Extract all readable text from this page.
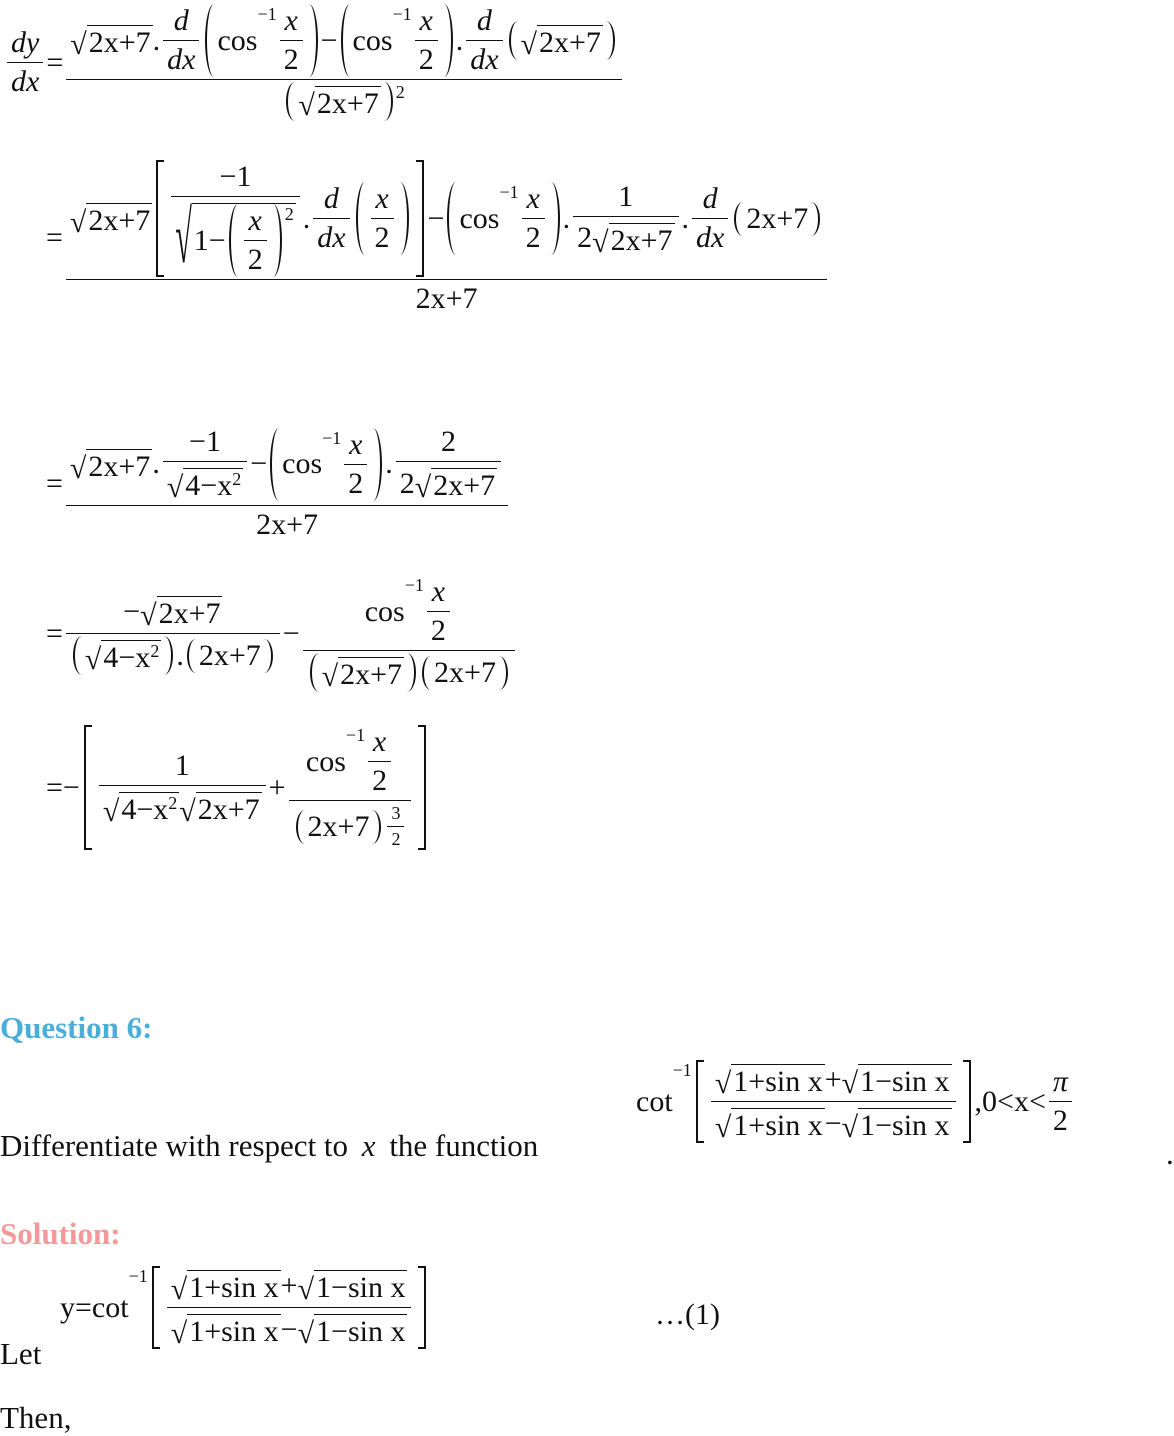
$\frac{dy}{dx}$ = √ 2x+7 . $\frac{d}{dx}$ cos
$-1 \frac{x}{2} - \cos$
$-1 \frac{x}{2}$ . $\frac{d}{dx}$ √ 2x+7
√ 2x+7 2
= √ $2x+7 \frac{-1}{√ 1- \frac{x}{2} 2}$ . $\frac{d}{dx} \frac{x}{2} - \cos$
$-1 \frac{x}{2}$ . $\frac{1}{2 √ 2x+7}$ . $\frac{d}{dx} 2x+7$
2x+7
= √ 2x+7 . $\frac{-1}{√ 4-x 2} - \cos$
$-1 \frac{x}{2}$ . $\frac{2}{2 √ 2x+7}$
2x+7
= $\frac{- √ 2x+7}{√ 4-x 2 . 2x+7} - \cos$
$-1 \frac{x}{2}$
√ 2x+7 2x+7
= − $\frac{1}{√ 4-x 2 √ 2x+7} + \cos$
$-1 \frac{x}{2}$
$2x+7 \frac{3}{2}$
Question 6:
Differentiate with respect to x the function
cot
$-1 \frac{\text{√ 1+sin x + √ 1−sin x}}{\text{√ 1+sin x − √ 1−sin x}} ,0<x< \frac{\pi}{2}$
.
Solution:
Let
y=cot
$-1 \frac{\text{√ 1+sin x + √ 1−sin x}}{\text{√ 1+sin x − √ 1−sin x}}$	…(1)
Then,
